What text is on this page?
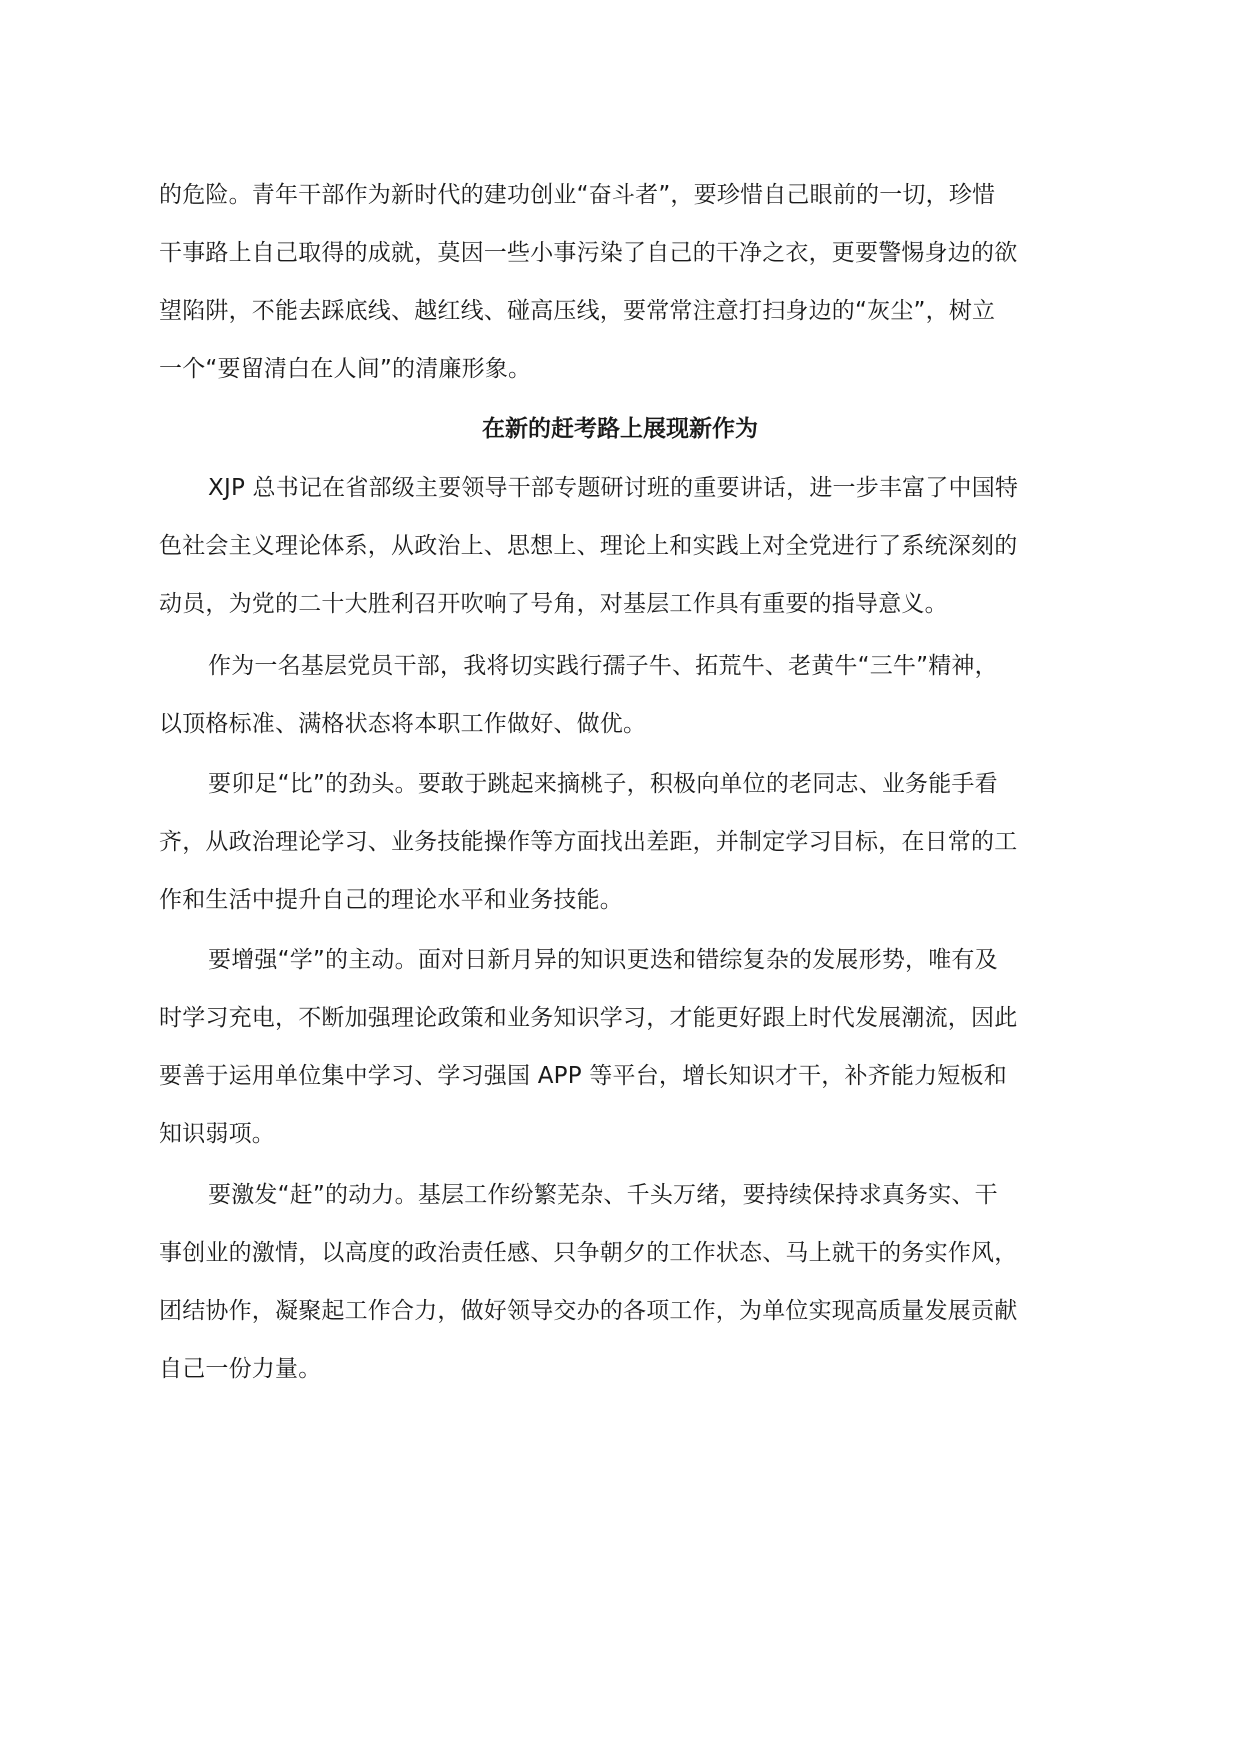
的危险。青年干部作为新时代的建功创业“奋斗者”，要珍惜自己眼前的一切，珍惜
干事路上自己取得的成就，莫因一些小事污染了自己的干净之衣，更要警惕身边的欲
望陷阱，不能去踩底线、越红线、碰高压线，要常常注意打扫身边的“灰尘”，树立
一个“要留清白在人间”的清廉形象。
在新的赶考路上展现新作为
XJP 总书记在省部级主要领导干部专题研讨班的重要讲话，进一步丰富了中国特
色社会主义理论体系，从政治上、思想上、理论上和实践上对全党进行了系统深刻的
动员，为党的二十大胜利召开吹响了号角，对基层工作具有重要的指导意义。
作为一名基层党员干部，我将切实践行孺子牛、拓荒牛、老黄牛“三牛”精神，
以顶格标准、满格状态将本职工作做好、做优。
要卯足“比”的劲头。要敢于跳起来摘桃子，积极向单位的老同志、业务能手看
齐，从政治理论学习、业务技能操作等方面找出差距，并制定学习目标，在日常的工
作和生活中提升自己的理论水平和业务技能。
要增强“学”的主动。面对日新月异的知识更迭和错综复杂的发展形势，唯有及
时学习充电，不断加强理论政策和业务知识学习，才能更好跟上时代发展潮流，因此
要善于运用单位集中学习、学习强国 APP 等平台，增长知识才干，补齐能力短板和
知识弱项。
要激发“赶”的动力。基层工作纷繁芜杂、千头万绪，要持续保持求真务实、干
事创业的激情，以高度的政治责任感、只争朝夕的工作状态、马上就干的务实作风，
团结协作，凝聚起工作合力，做好领导交办的各项工作，为单位实现高质量发展贡献
自己一份力量。
